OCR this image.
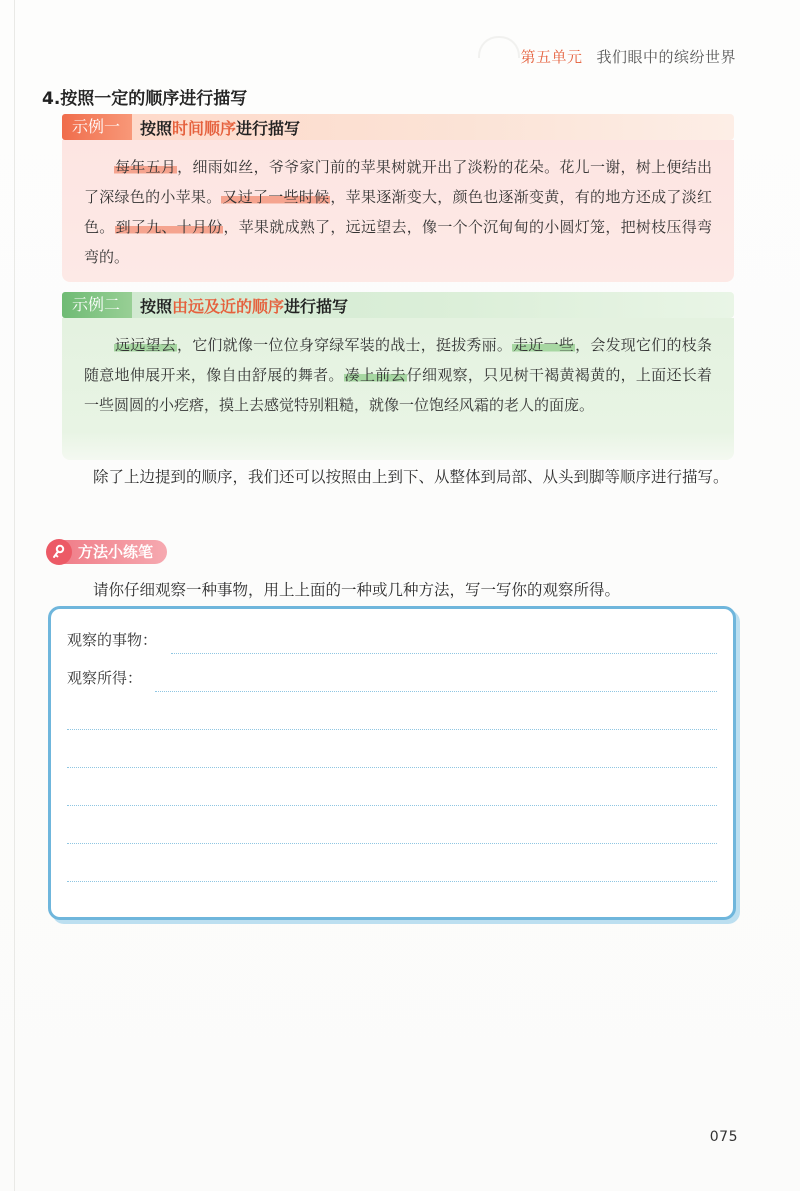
第五单元 我们眼中的缤纷世界
4.按照一定的顺序进行描写
示例一	按照时间顺序进行描写
每年五月，细雨如丝，爷爷家门前的苹果树就开出了淡粉的花朵。花儿一谢，树上便结出了深绿色的小苹果。又过了一些时候，苹果逐渐变大，颜色也逐渐变黄，有的地方还成了淡红色。到了九、十月份，苹果就成熟了，远远望去，像一个个沉甸甸的小圆灯笼，把树枝压得弯弯的。
示例二	按照由远及近的顺序进行描写
远远望去，它们就像一位位身穿绿军装的战士，挺拔秀丽。走近一些，会发现它们的枝条随意地伸展开来，像自由舒展的舞者。凑上前去仔细观察，只见树干褐黄褐黄的，上面还长着一些圆圆的小疙瘩，摸上去感觉特别粗糙，就像一位饱经风霜的老人的面庞。
除了上边提到的顺序，我们还可以按照由上到下、从整体到局部、从头到脚等顺序进行描写。
方法小练笔
请你仔细观察一种事物，用上上面的一种或几种方法，写一写你的观察所得。
观察的事物：
观察所得：
075
